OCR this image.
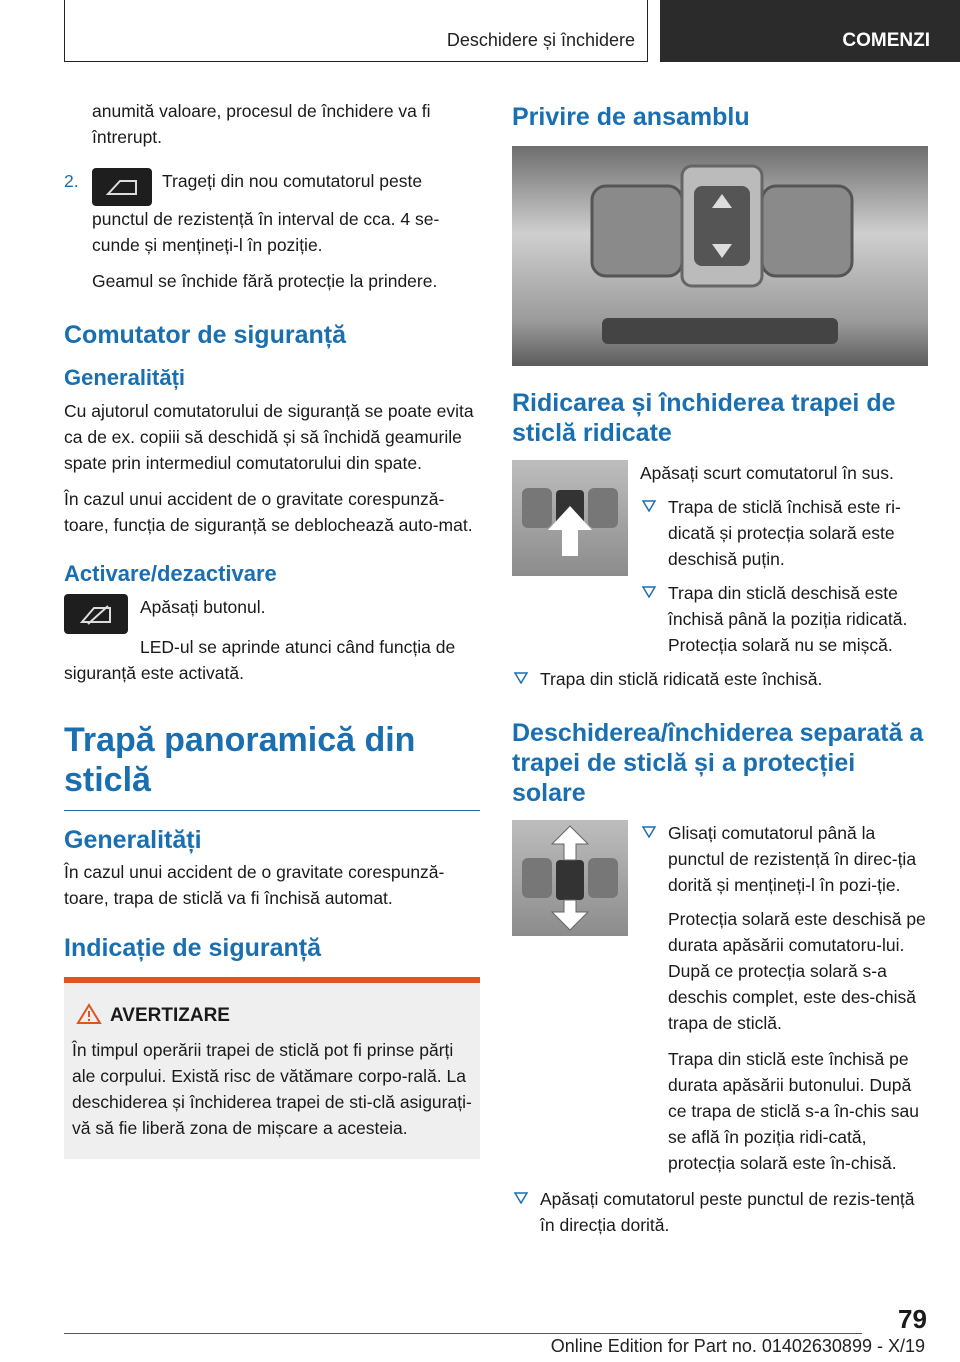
Deschidere și închidere	COMENZI

anumită valoare, procesul de închidere va fi întrerupt.

2.	Trageți din nou comutatorul peste punctul de rezistență în interval de cca. 4 se-cunde și mențineți-l în poziție.

Geamul se închide fără protecție la prindere.

Comutator de siguranță
Generalități

Cu ajutorul comutatorului de siguranță se poate evita ca de ex. copiii să deschidă și să închidă geamurile spate prin intermediul comutatorului din spate.

În cazul unui accident de o gravitate corespunză-toare, funcția de siguranță se deblochează auto-mat.

Activare/dezactivare

Apăsați butonul.

LED-ul se aprinde atunci când funcția de siguranță este activată.

Trapă panoramică din sticlă
Generalități

În cazul unui accident de o gravitate corespunză-toare, trapa de sticlă va fi închisă automat.

Indicație de siguranță
AVERTIZARE

În timpul operării trapei de sticlă pot fi prinse părți ale corpului. Există risc de vătămare corpo-rală. La deschiderea și închiderea trapei de sti-clă asigurați-vă să fie liberă zona de mișcare a acesteia.

Privire de ansamblu
Ridicarea și închiderea trapei de sticlă ridicate

Apăsați scurt comutatorul în sus.

Trapa de sticlă închisă este ri-dicată și protecția solară este deschisă puțin.
Trapa din sticlă deschisă este închisă până la poziția ridicată. Protecția solară nu se mișcă.
Trapa din sticlă ridicată este închisă.
Deschiderea/închiderea separată a trapei de sticlă și a protecției solare
Glisați comutatorul până la punctul de rezistență în direc-ția dorită și mențineți-l în pozi-ție.

Protecția solară este deschisă pe durata apăsării comutatoru-lui. După ce protecția solară s-a deschis complet, este des-chisă trapa de sticlă.

Trapa din sticlă este închisă pe durata apăsării butonului. După ce trapa de sticlă s-a în-chis sau se află în poziția ridi-cată, protecția solară este în-chisă.

Apăsați comutatorul peste punctul de rezis-tență în direcția dorită.
79
Online Edition for Part no. 01402630899 - X/19
